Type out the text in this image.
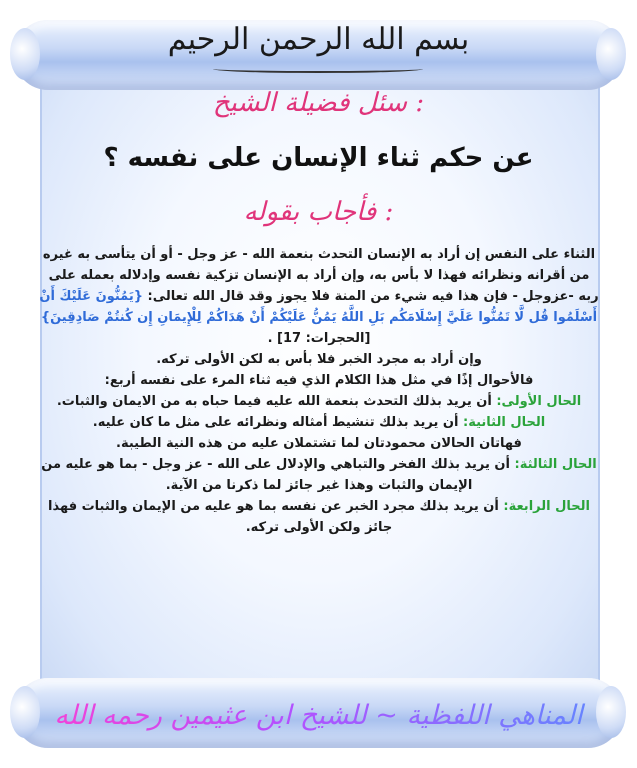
بسم الله الرحمن الرحيم
سئل فضيلة الشيخ :
عن حكم ثناء الإنسان على نفسه ؟
فأجاب بقوله :

الثناء على النفس إن أراد به الإنسان التحدث بنعمة الله - عز وجل - أو أن يتأسى به غيره من أقرانه ونظرائه فهذا لا بأس به، وإن أراد به الإنسان تزكية نفسه وإدلاله بعمله على ربه -عزوجل - فإن هذا فيه شيء من المنة فلا يجوز وقد قال الله تعالى: {يَمُنُّونَ عَلَيْكَ أَنْ أَسْلَمُوا قُل لَّا تَمُنُّوا عَلَيَّ إِسْلَامَكُم بَلِ اللَّهُ يَمُنُّ عَلَيْكُمْ أَنْ هَدَاكُمْ لِلْإِيمَانِ إِن كُنتُمْ صَادِقِينَ} [الحجرات: 17] .

وإن أراد به مجرد الخبر فلا بأس به لكن الأولى تركه.

فالأحوال إذًا في مثل هذا الكلام الذي فيه ثناء المرء على نفسه أربع:

الحال الأولى: أن يريد بذلك التحدث بنعمة الله عليه فيما حباه به من الايمان والثبات.

الحال الثانية: أن يريد بذلك تنشيط أمثاله ونظرائه على مثل ما كان عليه.

فهاتان الحالان محمودتان لما تشتملان عليه من هذه النية الطيبة.

الحال الثالثة: أن يريد بذلك الفخر والتباهي والإدلال على الله - عز وجل - بما هو عليه من الإيمان والثبات وهذا غير جائز لما ذكرنا من الآية.

الحال الرابعة: أن يريد بذلك مجرد الخبر عن نفسه بما هو عليه من الإيمان والثبات فهذا جائز ولكن الأولى تركه.

المناهي اللفظية ~ للشيخ ابن عثيمين رحمه الله
